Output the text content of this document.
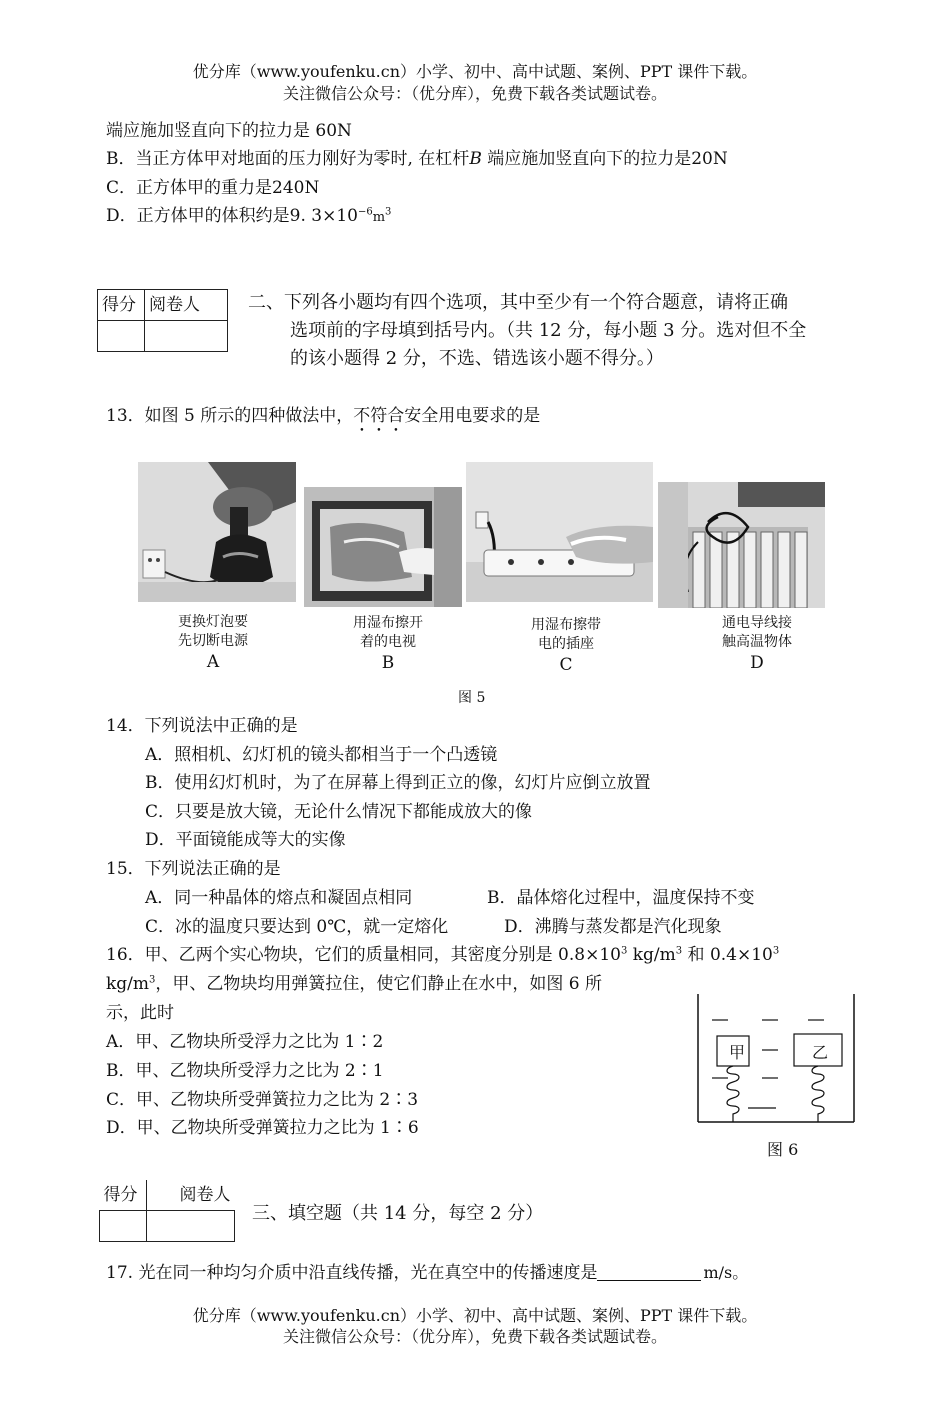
优分库（www.youfenku.cn）小学、初中、高中试题、案例、PPT 课件下载。
关注微信公众号：（优分库），免费下载各类试题试卷。
端应施加竖直向下的拉力是 60N
B．当正方体甲对地面的压力刚好为零时, 在杠杆B 端应施加竖直向下的拉力是20N
C．正方体甲的重力是240N
D．正方体甲的体积约是9. $3\times 10^{-6}m^3$
得分	阅卷人
		二、下列各小题均有四个选项，其中至少有一个符合题意，请将正确
选项前的字母填到括号内。（共 12 分，每小题 3 分。选对但不全
的该小题得 2 分，不选、错选该小题不得分。）
13．如图 5 所示的四种做法中，不符合安全用电要求的是
更换灯泡要
先切断电源
A
用湿布擦开
着的电视
B
用湿布擦带
电的插座
C
通电导线接
触高温物体
D
图 5
14．下列说法中正确的是
A．照相机、幻灯机的镜头都相当于一个凸透镜
B．使用幻灯机时，为了在屏幕上得到正立的像，幻灯片应倒立放置
C．只要是放大镜，无论什么情况下都能成放大的像
D．平面镜能成等大的实像
15．下列说法正确的是
A．同一种晶体的熔点和凝固点相同	B．晶体熔化过程中，温度保持不变
C．冰的温度只要达到 0℃，就一定熔化	D．沸腾与蒸发都是汽化现象
16．甲、乙两个实心物块，它们的质量相同，其密度分别是 $0.8\times 10^3$ $kg/m^3$ 和 $0.4\times 10^3$
$kg/m^3$，甲、乙物块均用弹簧拉住，使它们静止在水中，如图 6 所
示，此时
A．甲、乙物块所受浮力之比为 1∶2
B．甲、乙物块所受浮力之比为 2∶1
C．甲、乙物块所受弹簧拉力之比为 2∶3
D．甲、乙物块所受弹簧拉力之比为 1∶6
甲	乙
图 6
得分	阅卷人

三、填空题（共 14 分，每空 2 分）
17. 光在同一种均匀介质中沿直线传播，光在真空中的传播速度是	m/s。
优分库（www.youfenku.cn）小学、初中、高中试题、案例、PPT 课件下载。
关注微信公众号：（优分库），免费下载各类试题试卷。
